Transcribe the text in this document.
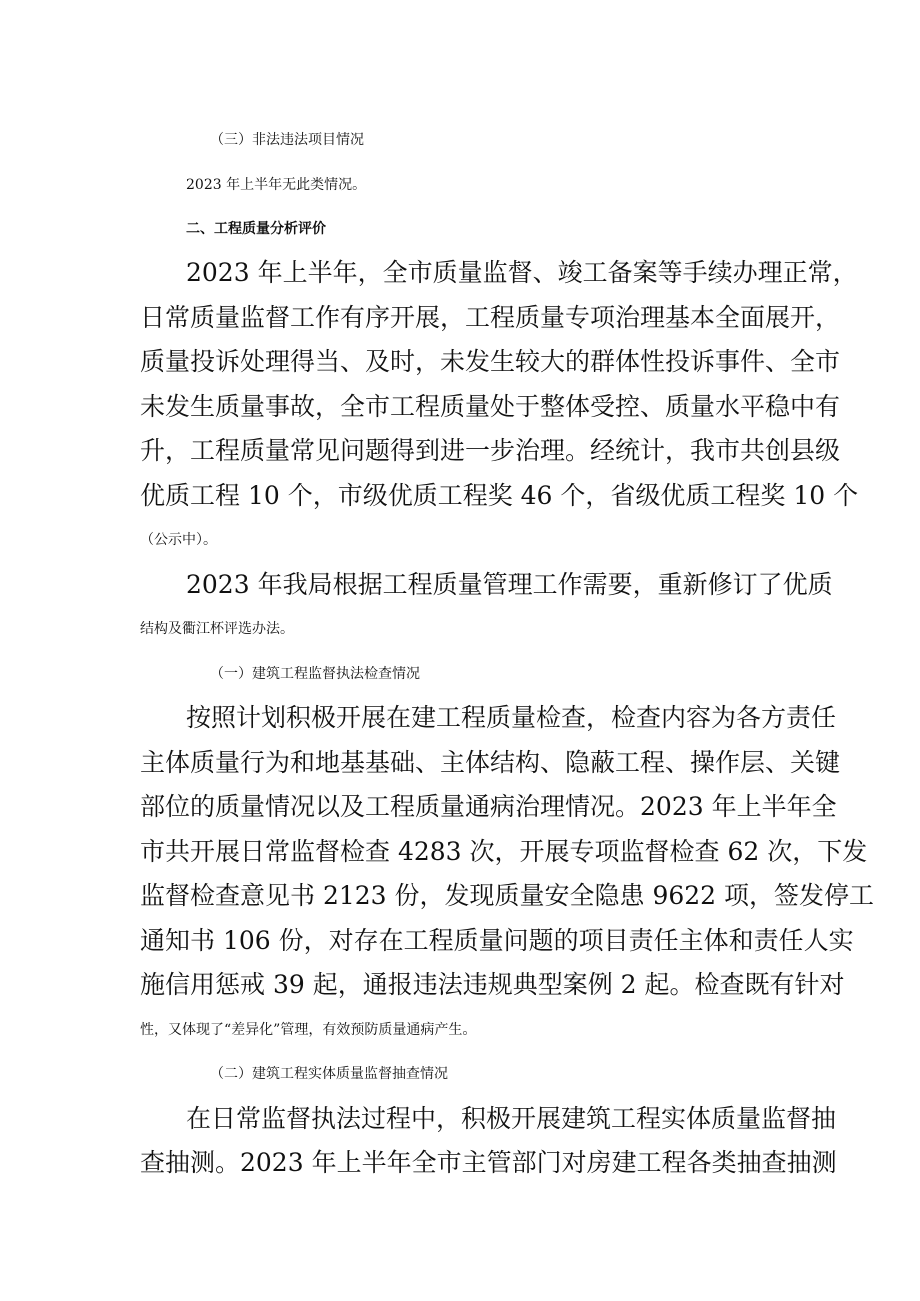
（三）非法违法项目情况
2023 年上半年无此类情况。
二、工程质量分析评价
2023 年上半年，全市质量监督、竣工备案等手续办理正常，
日常质量监督工作有序开展，工程质量专项治理基本全面展开，
质量投诉处理得当、及时，未发生较大的群体性投诉事件、全市
未发生质量事故，全市工程质量处于整体受控、质量水平稳中有
升，工程质量常见问题得到进一步治理。经统计，我市共创县级
优质工程 10 个，市级优质工程奖 46 个，省级优质工程奖 10 个
（公示中）。
2023 年我局根据工程质量管理工作需要，重新修订了优质
结构及衢江杯评选办法。
（一）建筑工程监督执法检查情况
按照计划积极开展在建工程质量检查，检查内容为各方责任
主体质量行为和地基基础、主体结构、隐蔽工程、操作层、关键
部位的质量情况以及工程质量通病治理情况。2023 年上半年全
市共开展日常监督检查 4283 次，开展专项监督检查 62 次，下发
监督检查意见书 2123 份，发现质量安全隐患 9622 项，签发停工
通知书 106 份，对存在工程质量问题的项目责任主体和责任人实
施信用惩戒 39 起，通报违法违规典型案例 2 起。检查既有针对
性，又体现了“差异化”管理，有效预防质量通病产生。
（二）建筑工程实体质量监督抽查情况
在日常监督执法过程中，积极开展建筑工程实体质量监督抽
查抽测。2023 年上半年全市主管部门对房建工程各类抽查抽测
